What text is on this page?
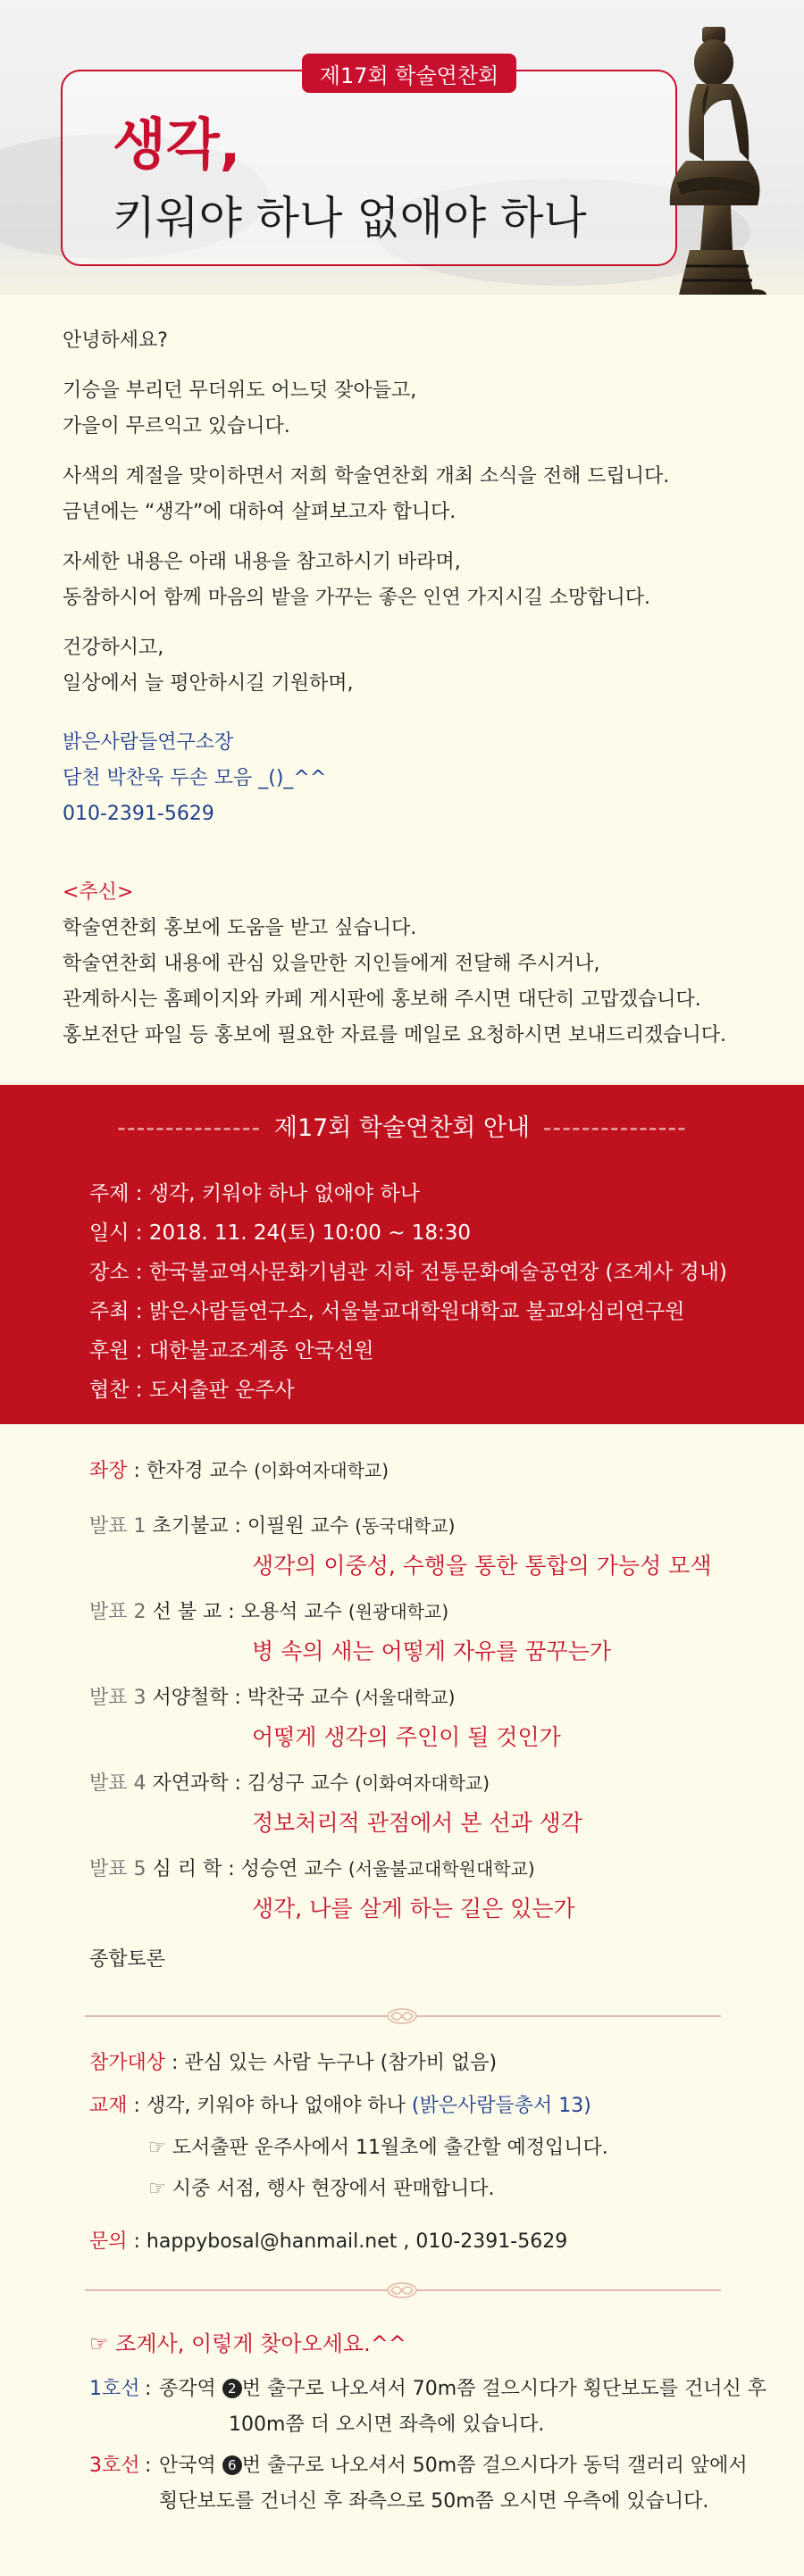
제17회 학술연찬회
생각,
키워야 하나 없애야 하나

안녕하세요?

기승을 부리던 무더위도 어느덧 잦아들고,
가을이 무르익고 있습니다.

사색의 계절을 맞이하면서 저희 학술연찬회 개최 소식을 전해 드립니다.
금년에는 “생각”에 대하여 살펴보고자 합니다.

자세한 내용은 아래 내용을 참고하시기 바라며,
동참하시어 함께 마음의 밭을 가꾸는 좋은 인연 가지시길 소망합니다.

건강하시고,
일상에서 늘 평안하시길 기원하며,

밝은사람들연구소장
담천 박찬욱 두손 모음 _()_^^
010-2391-5629

<추신>
학술연찬회 홍보에 도움을 받고 싶습니다.
학술연찬회 내용에 관심 있을만한 지인들에게 전달해 주시거나,
관계하시는 홈페이지와 카페 게시판에 홍보해 주시면 대단히 고맙겠습니다.
홍보전단 파일 등 홍보에 필요한 자료를 메일로 요청하시면 보내드리겠습니다.

--------------- 제17회 학술연찬회 안내 ---------------
주제 : 생각, 키워야 하나 없애야 하나
일시 : 2018. 11. 24(토) 10:00 ~ 18:30
장소 : 한국불교역사문화기념관 지하 전통문화예술공연장 (조계사 경내)
주최 : 밝은사람들연구소, 서울불교대학원대학교 불교와심리연구원
후원 : 대한불교조계종 안국선원
협찬 : 도서출판 운주사
좌장 : 한자경 교수 (이화여자대학교)
발표 1 초기불교 : 이필원 교수 (동국대학교)
생각의 이중성, 수행을 통한 통합의 가능성 모색
발표 2 선 불 교 : 오용석 교수 (원광대학교)
병 속의 새는 어떻게 자유를 꿈꾸는가
발표 3 서양철학 : 박찬국 교수 (서울대학교)
어떻게 생각의 주인이 될 것인가
발표 4 자연과학 : 김성구 교수 (이화여자대학교)
정보처리적 관점에서 본 선과 생각
발표 5 심 리 학 : 성승연 교수 (서울불교대학원대학교)
생각, 나를 살게 하는 길은 있는가
종합토론
참가대상 : 관심 있는 사람 누구나 (참가비 없음)
교재 : 생각, 키워야 하나 없애야 하나 (밝은사람들총서 13)
☞ 도서출판 운주사에서 11월초에 출간할 예정입니다.
☞ 시중 서점, 행사 현장에서 판매합니다.
문의 : happybosal@hanmail.net , 010-2391-5629
☞ 조계사, 이렇게 찾아오세요.^^
1호선 : 종각역 2 번 출구로 나오셔서 70m쯤 걸으시다가 횡단보도를 건너신 후
100m쯤 더 오시면 좌측에 있습니다.
3호선 : 안국역 6 번 출구로 나오셔서 50m쯤 걸으시다가 동덕 갤러리 앞에서
횡단보도를 건너신 후 좌측으로 50m쯤 오시면 우측에 있습니다.
